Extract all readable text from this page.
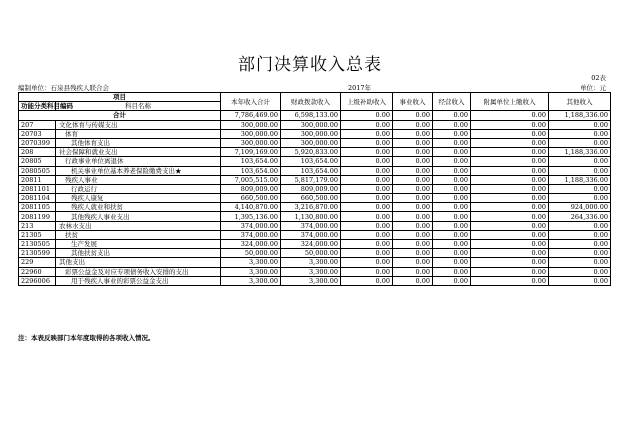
部门决算收入总表
02表
编制单位：石泉县残疾人联合会	2017年	单位：元
项目		本年收入合计	财政拨款收入	上级补助收入	事业收入	经营收入	附属单位上缴收入	其他收入
功能分类科目编码	科目名称							
合计		7,786,469.00	6,598,133.00	0.00	0.00	0.00	0.00	1,188,336.00
207	文化体育与传媒支出	300,000.00	300,000.00	0.00	0.00	0.00	0.00	0.00
20703	体育	300,000.00	300,000.00	0.00	0.00	0.00	0.00	0.00
2070399	其他体育支出	300,000.00	300,000.00	0.00	0.00	0.00	0.00	0.00
208	社会保障和就业支出	7,109,169.00	5,920,833.00	0.00	0.00	0.00	0.00	1,188,336.00
20805	行政事业单位离退休	103,654.00	103,654.00	0.00	0.00	0.00	0.00	0.00
2080505	机关事业单位基本养老保险缴费支出★	103,654.00	103,654.00	0.00	0.00	0.00	0.00	0.00
20811	残疾人事业	7,005,515.00	5,817,179.00	0.00	0.00	0.00	0.00	1,188,336.00
2081101	行政运行	809,009.00	809,009.00	0.00	0.00	0.00	0.00	0.00
2081104	残疾人康复	660,500.00	660,500.00	0.00	0.00	0.00	0.00	0.00
2081105	残疾人就业和扶贫	4,140,870.00	3,216,870.00	0.00	0.00	0.00	0.00	924,000.00
2081199	其他残疾人事业支出	1,395,136.00	1,130,800.00	0.00	0.00	0.00	0.00	264,336.00
213	农林水支出	374,000.00	374,000.00	0.00	0.00	0.00	0.00	0.00
21305	扶贫	374,000.00	374,000.00	0.00	0.00	0.00	0.00	0.00
2130505	生产发展	324,000.00	324,000.00	0.00	0.00	0.00	0.00	0.00
2130599	其他扶贫支出	50,000.00	50,000.00	0.00	0.00	0.00	0.00	0.00
229	其他支出	3,300.00	3,300.00	0.00	0.00	0.00	0.00	0.00
22960	彩票公益金及对应专项债务收入安排的支出	3,300.00	3,300.00	0.00	0.00	0.00	0.00	0.00
2296006	用于残疾人事业的彩票公益金支出	3,300.00	3,300.00	0.00	0.00	0.00	0.00	0.00
注：本表反映部门本年度取得的各项收入情况。
